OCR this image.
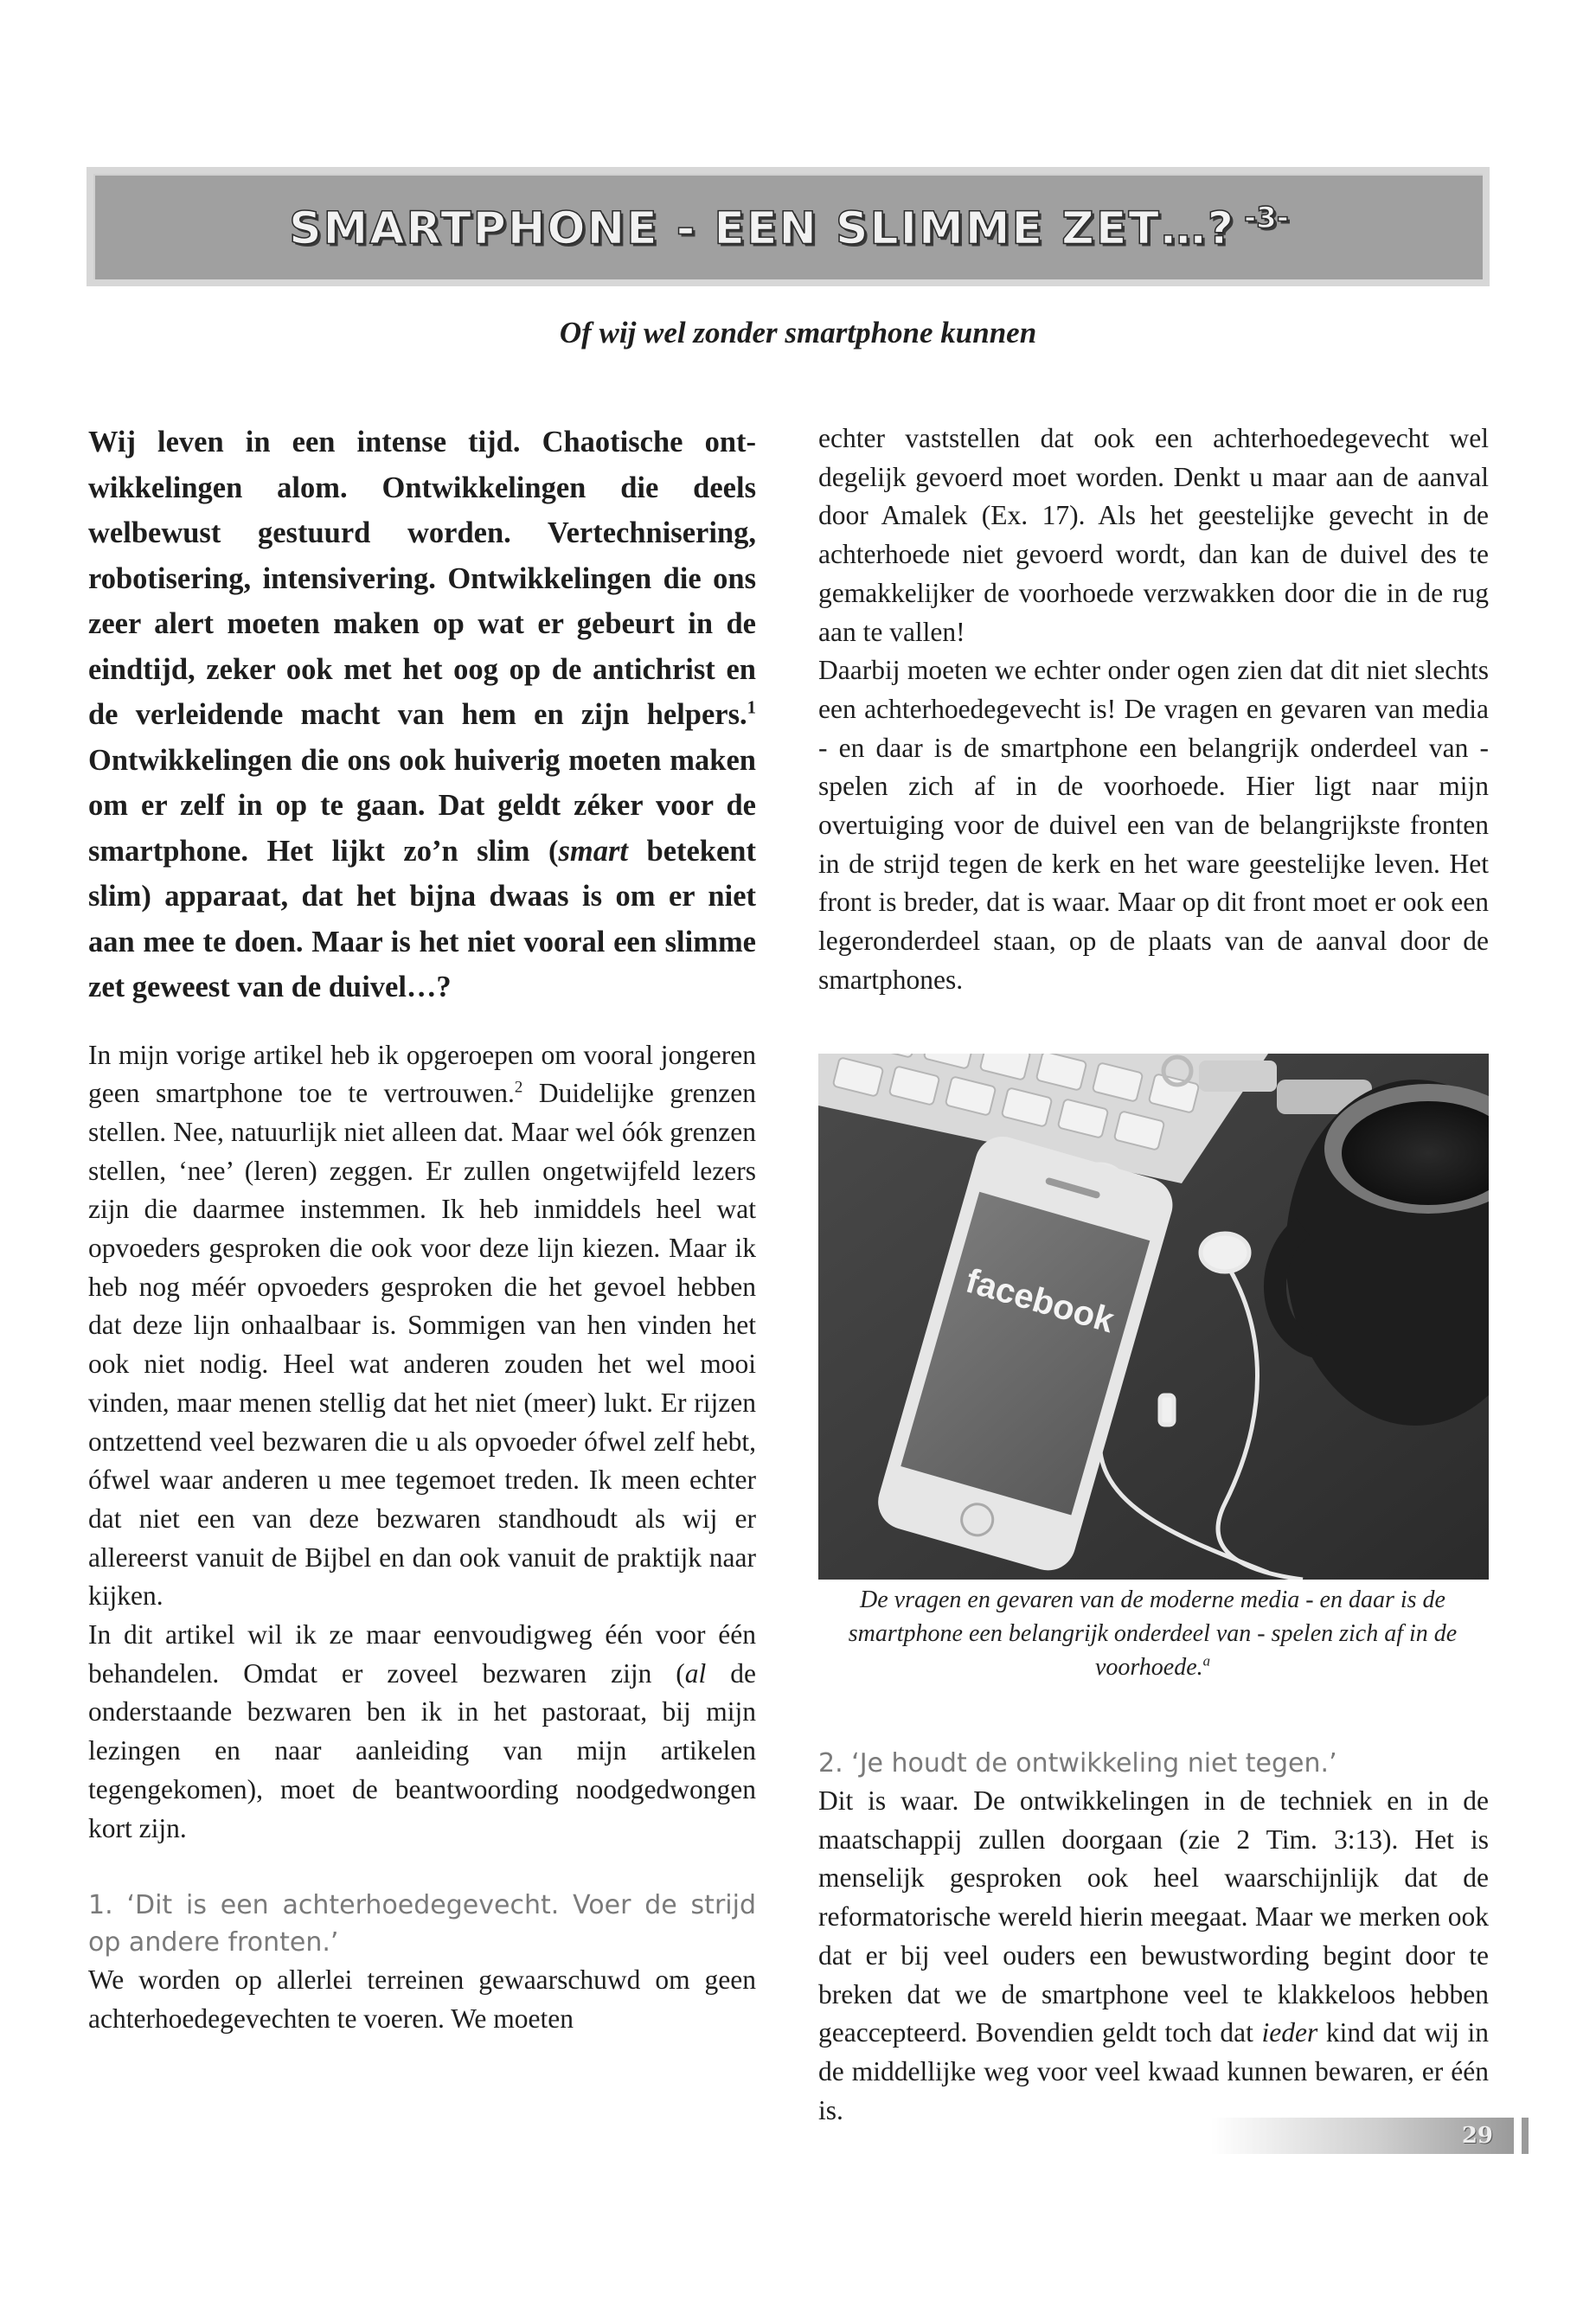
SMARTPHONE - EEN SLIMME ZET…? $^{-3-}$
Of wij wel zonder smartphone kunnen

Wij leven in een intense tijd. Chaotische ontwikkelingen alom. Ontwikkelingen die deels welbewust gestuurd worden. Vertechnisering, robotisering, intensivering. Ontwikkelingen die ons zeer alert moeten maken op wat er gebeurt in de eindtijd, zeker ook met het oog op de antichrist en de verleidende macht van hem en zijn helpers.$^1$ Ontwikkelingen die ons ook huiverig moeten maken om er zelf in op te gaan. Dat geldt zéker voor de smartphone. Het lijkt zo’n slim (smart betekent slim) apparaat, dat het bijna dwaas is om er niet aan mee te doen. Maar is het niet vooral een slimme zet geweest van de duivel…?

In mijn vorige artikel heb ik opgeroepen om vooral jongeren geen smartphone toe te vertrouwen.$^2$ Duidelijke grenzen stellen. Nee, natuurlijk niet alleen dat. Maar wel óók grenzen stellen, ‘nee’ (leren) zeggen. Er zullen ongetwijfeld lezers zijn die daarmee instemmen. Ik heb inmiddels heel wat opvoeders gesproken die ook voor deze lijn kiezen. Maar ik heb nog méér opvoeders gesproken die het gevoel hebben dat deze lijn onhaalbaar is. Sommigen van hen vinden het ook niet nodig. Heel wat anderen zouden het wel mooi vinden, maar menen stellig dat het niet (meer) lukt. Er rijzen ontzettend veel bezwaren die u als opvoeder ófwel zelf hebt, ófwel waar anderen u mee tegemoet treden. Ik meen echter dat niet een van deze bezwaren standhoudt als wij er allereerst vanuit de Bijbel en dan ook vanuit de praktijk naar kijken.

In dit artikel wil ik ze maar eenvoudigweg één voor één behandelen. Omdat er zoveel bezwaren zijn (al de onderstaande bezwaren ben ik in het pastoraat, bij mijn lezingen en naar aanleiding van mijn artikelen tegengekomen), moet de beantwoording noodgedwongen kort zijn.

1. ‘Dit is een achterhoedegevecht. Voer de strijd op andere fronten.’

We worden op allerlei terreinen gewaarschuwd om geen achterhoedegevechten te voeren. We moeten

echter vaststellen dat ook een achterhoedegevecht wel degelijk gevoerd moet worden. Denkt u maar aan de aanval door Amalek (Ex. 17). Als het geestelijke gevecht in de achterhoede niet gevoerd wordt, dan kan de duivel des te gemakkelijker de voorhoede verzwakken door die in de rug aan te vallen!

Daarbij moeten we echter onder ogen zien dat dit niet slechts een achterhoedegevecht is! De vragen en gevaren van media - en daar is de smartphone een belangrijk onderdeel van - spelen zich af in de voorhoede. Hier ligt naar mijn overtuiging voor de duivel een van de belangrijkste fronten in de strijd tegen de kerk en het ware geestelijke leven. Het front is breder, dat is waar. Maar op dit front moet er ook een legeronderdeel staan, op de plaats van de aanval door de smartphones.

facebook
De vragen en gevaren van de moderne media - en daar is de smartphone een belangrijk onderdeel van - spelen zich af in de voorhoede.$^a$

2. ‘Je houdt de ontwikkeling niet tegen.’

Dit is waar. De ontwikkelingen in de techniek en in de maatschappij zullen doorgaan (zie 2 Tim. 3:13). Het is menselijk gesproken ook heel waarschijnlijk dat de reformatorische wereld hierin meegaat. Maar we merken ook dat er bij veel ouders een bewustwording begint door te breken dat we de smartphone veel te klakkeloos hebben geaccepteerd. Bovendien geldt toch dat ieder kind dat wij in de middellijke weg voor veel kwaad kunnen bewaren, er één is.

29
